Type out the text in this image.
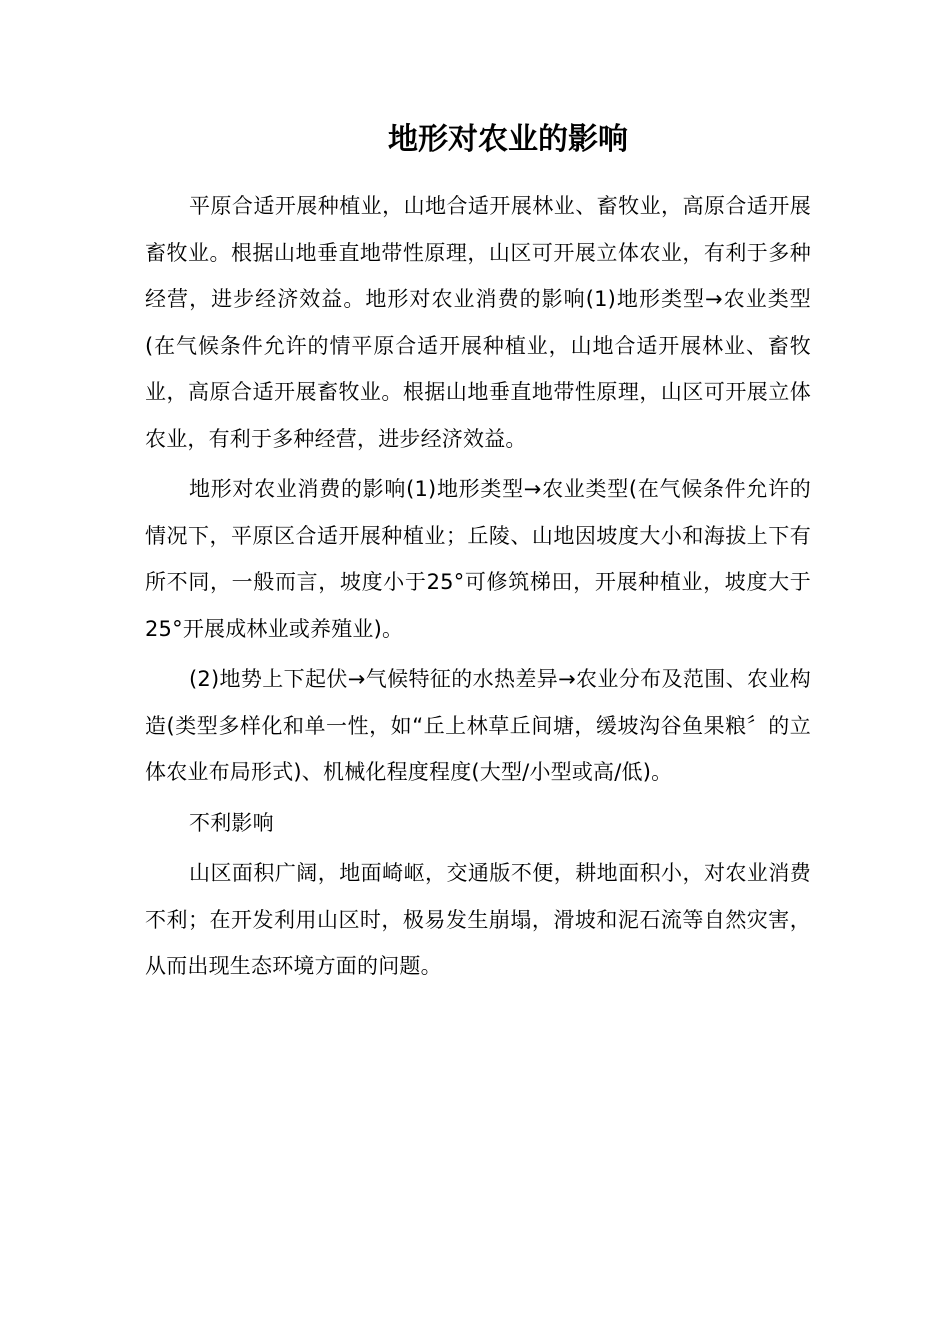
地形对农业的影响

平原合适开展种植业，山地合适开展林业、畜牧业，高原合适开展畜牧业。根据山地垂直地带性原理，山区可开展立体农业，有利于多种经营，进步经济效益。地形对农业消费的影响(1)地形类型→农业类型(在气候条件允许的情平原合适开展种植业，山地合适开展林业、畜牧业，高原合适开展畜牧业。根据山地垂直地带性原理，山区可开展立体农业，有利于多种经营，进步经济效益。

地形对农业消费的影响(1)地形类型→农业类型(在气候条件允许的情况下，平原区合适开展种植业；丘陵、山地因坡度大小和海拔上下有所不同，一般而言，坡度小于25°可修筑梯田，开展种植业，坡度大于25°开展成林业或养殖业)。

(2)地势上下起伏→气候特征的水热差异→农业分布及范围、农业构造(类型多样化和单一性，如“丘上林草丘间塘，缓坡沟谷鱼果粮〞的立体农业布局形式)、机械化程度程度(大型/小型或高/低)。

不利影响

山区面积广阔，地面崎岖，交通版不便，耕地面积小，对农业消费不利；在开发利用山区时，极易发生崩塌，滑坡和泥石流等自然灾害，从而出现生态环境方面的问题。
